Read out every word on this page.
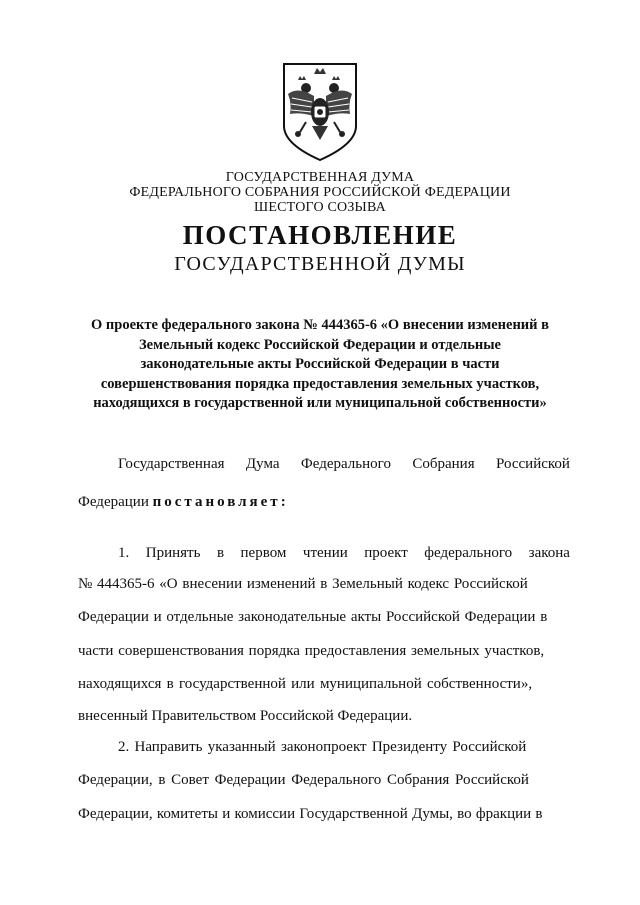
ГОСУДАРСТВЕННАЯ ДУМА
ФЕДЕРАЛЬНОГО СОБРАНИЯ РОССИЙСКОЙ ФЕДЕРАЦИИ
ШЕСТОГО СОЗЫВА
ПОСТАНОВЛЕНИЕ
ГОСУДАРСТВЕННОЙ ДУМЫ
О проекте федерального закона № 444365-6 «О внесении изменений в
Земельный кодекс Российской Федерации и отдельные
законодательные акты Российской Федерации в части
совершенствования порядка предоставления земельных участков,
находящихся в государственной или муниципальной собственности»
Государственная Дума Федерального Собрания Российской
Федерации постановляет:
1. Принять в первом чтении проект федерального закона
№ 444365-6 «О внесении изменений в Земельный кодекс Российской
Федерации и отдельные законодательные акты Российской Федерации в
части совершенствования порядка предоставления земельных участков,
находящихся в государственной или муниципальной собственности»,
внесенный Правительством Российской Федерации.
2. Направить указанный законопроект Президенту Российской
Федерации, в Совет Федерации Федерального Собрания Российской
Федерации, комитеты и комиссии Государственной Думы, во фракции в
